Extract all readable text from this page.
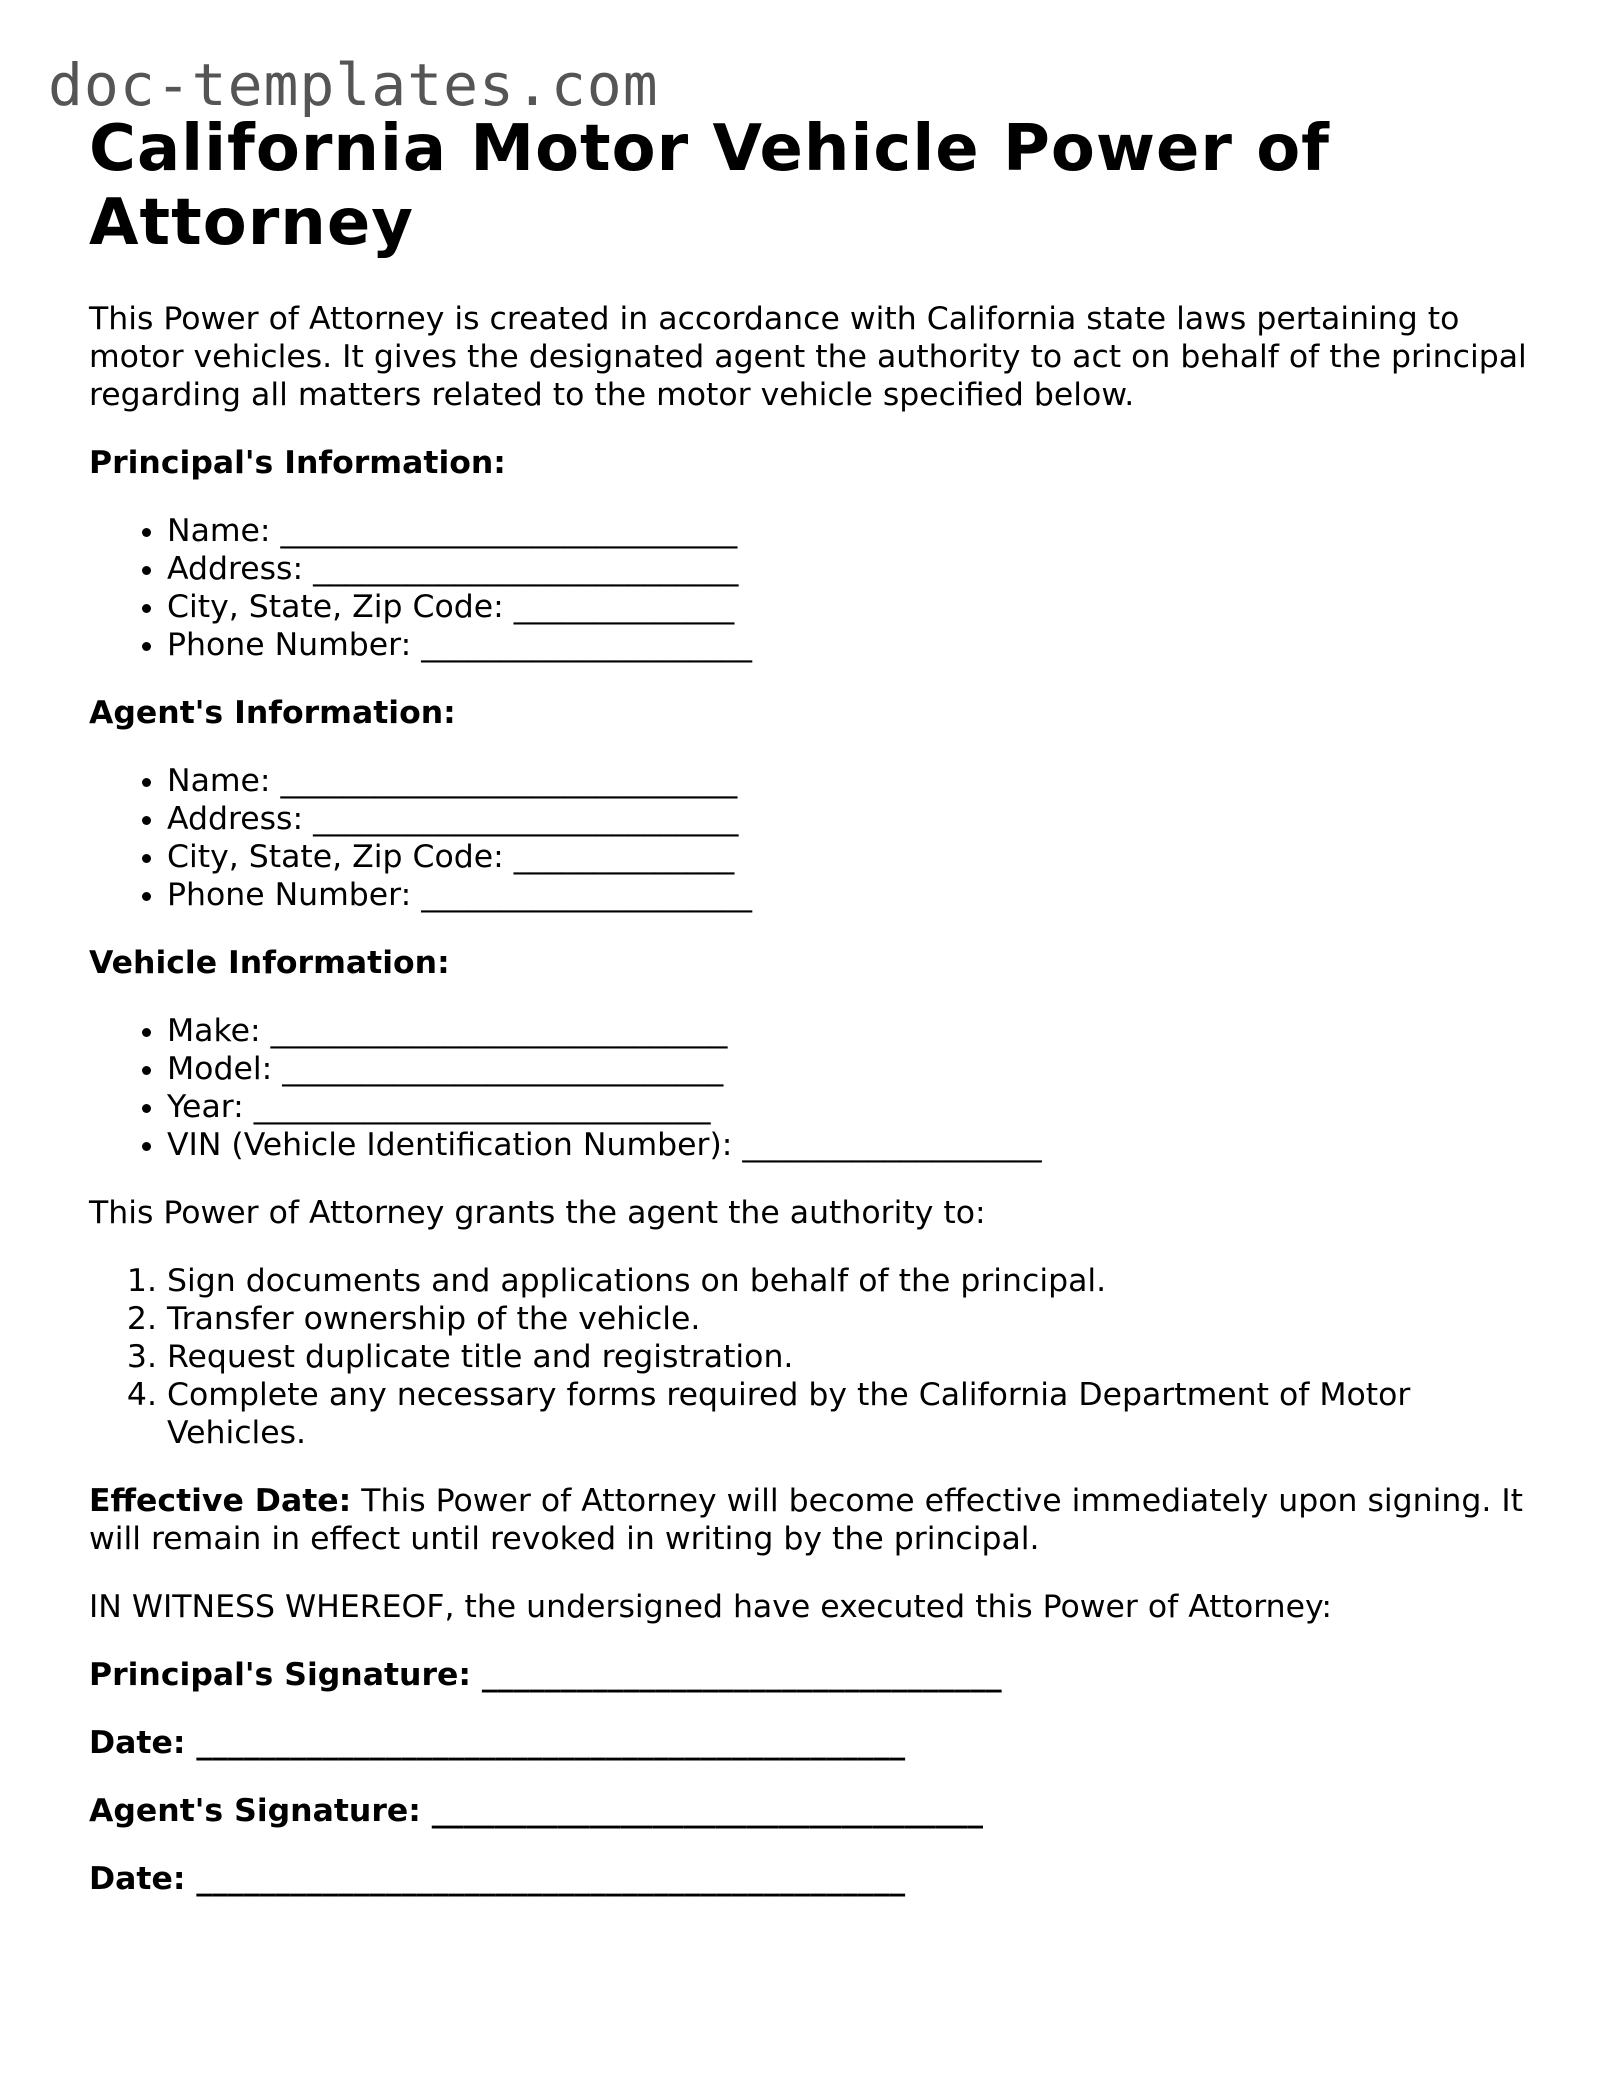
doc-templates.com
California Motor Vehicle Power of Attorney

This Power of Attorney is created in accordance with California state laws pertaining to motor vehicles. It gives the designated agent the authority to act on behalf of the principal regarding all matters related to the motor vehicle specified below.

Principal's Information:

• Name: _____________________________
• Address: ___________________________
• City, State, Zip Code: ______________
• Phone Number: _____________________

Agent's Information:

• Name: _____________________________
• Address: ___________________________
• City, State, Zip Code: ______________
• Phone Number: _____________________

Vehicle Information:

• Make: _____________________________
• Model: ____________________________
• Year: _____________________________
• VIN (Vehicle Identification Number): ___________________

This Power of Attorney grants the agent the authority to:

1. Sign documents and applications on behalf of the principal.
2. Transfer ownership of the vehicle.
3. Request duplicate title and registration.
4. Complete any necessary forms required by the California Department of Motor Vehicles.

Effective Date: This Power of Attorney will become effective immediately upon signing. It will remain in effect until revoked in writing by the principal.

IN WITNESS WHEREOF, the undersigned have executed this Power of Attorney:

Principal's Signature: _________________________________

Date: _____________________________________________

Agent's Signature: ___________________________________

Date: _____________________________________________
